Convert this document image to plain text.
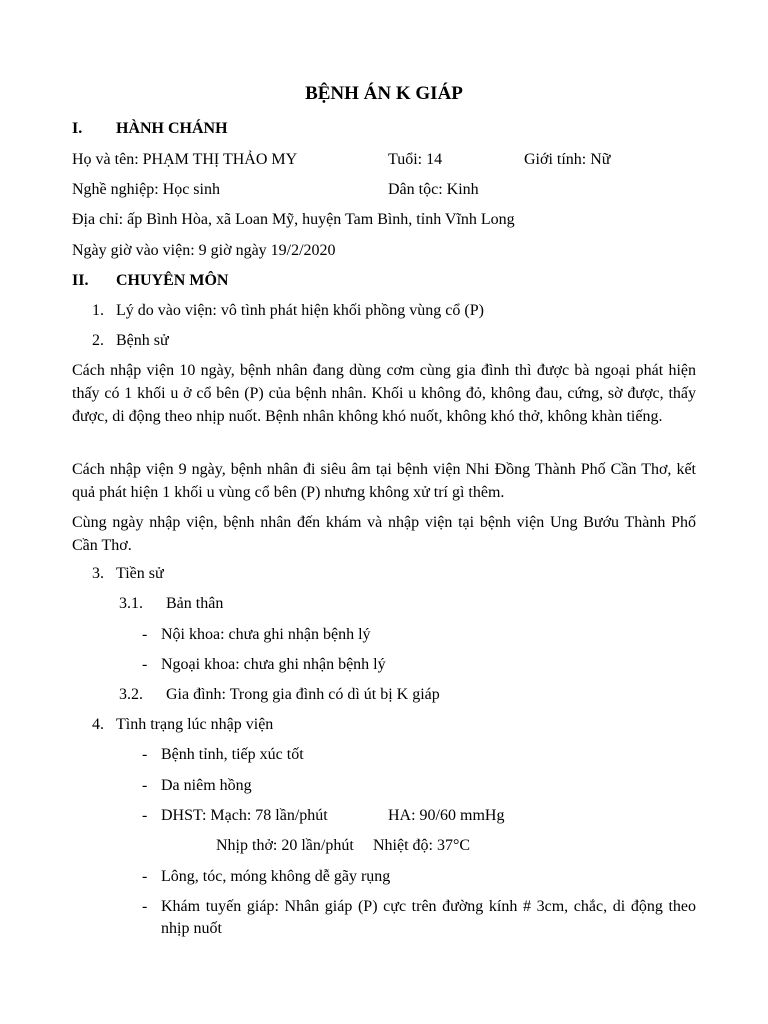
BỆNH ÁN K GIÁP
I. HÀNH CHÁNH
Họ và tên: PHẠM THỊ THẢO MY	Tuổi: 14	Giới tính: Nữ
Nghề nghiệp: Học sinh	Dân tộc: Kinh
Địa chỉ: ấp Bình Hòa, xã Loan Mỹ, huyện Tam Bình, tỉnh Vĩnh Long
Ngày giờ vào viện: 9 giờ ngày 19/2/2020
II. CHUYÊN MÔN
1. Lý do vào viện: vô tình phát hiện khối phồng vùng cổ (P)
2. Bệnh sử
Cách nhập viện 10 ngày, bệnh nhân đang dùng cơm cùng gia đình thì được bà ngoại phát hiện thấy có 1 khối u ở cổ bên (P) của bệnh nhân. Khối u không đỏ, không đau, cứng, sờ được, thấy được, di động theo nhịp nuốt. Bệnh nhân không khó nuốt, không khó thở, không khàn tiếng.
Cách nhập viện 9 ngày, bệnh nhân đi siêu âm tại bệnh viện Nhi Đồng Thành Phố Cần Thơ, kết quả phát hiện 1 khối u vùng cổ bên (P) nhưng không xử trí gì thêm.
Cùng ngày nhập viện, bệnh nhân đến khám và nhập viện tại bệnh viện Ung Bướu Thành Phố Cần Thơ.
3. Tiền sử
3.1. Bản thân
- Nội khoa: chưa ghi nhận bệnh lý
- Ngoại khoa: chưa ghi nhận bệnh lý
3.2. Gia đình: Trong gia đình có dì út bị K giáp
4. Tình trạng lúc nhập viện
- Bệnh tỉnh, tiếp xúc tốt
- Da niêm hồng
- DHST: Mạch: 78 lần/phút	HA: 90/60 mmHg
Nhịp thở: 20 lần/phút Nhiệt độ: 37°C
- Lông, tóc, móng không dễ gãy rụng
- Khám tuyến giáp: Nhân giáp (P) cực trên đường kính # 3cm, chắc, di động theo nhịp nuốt
